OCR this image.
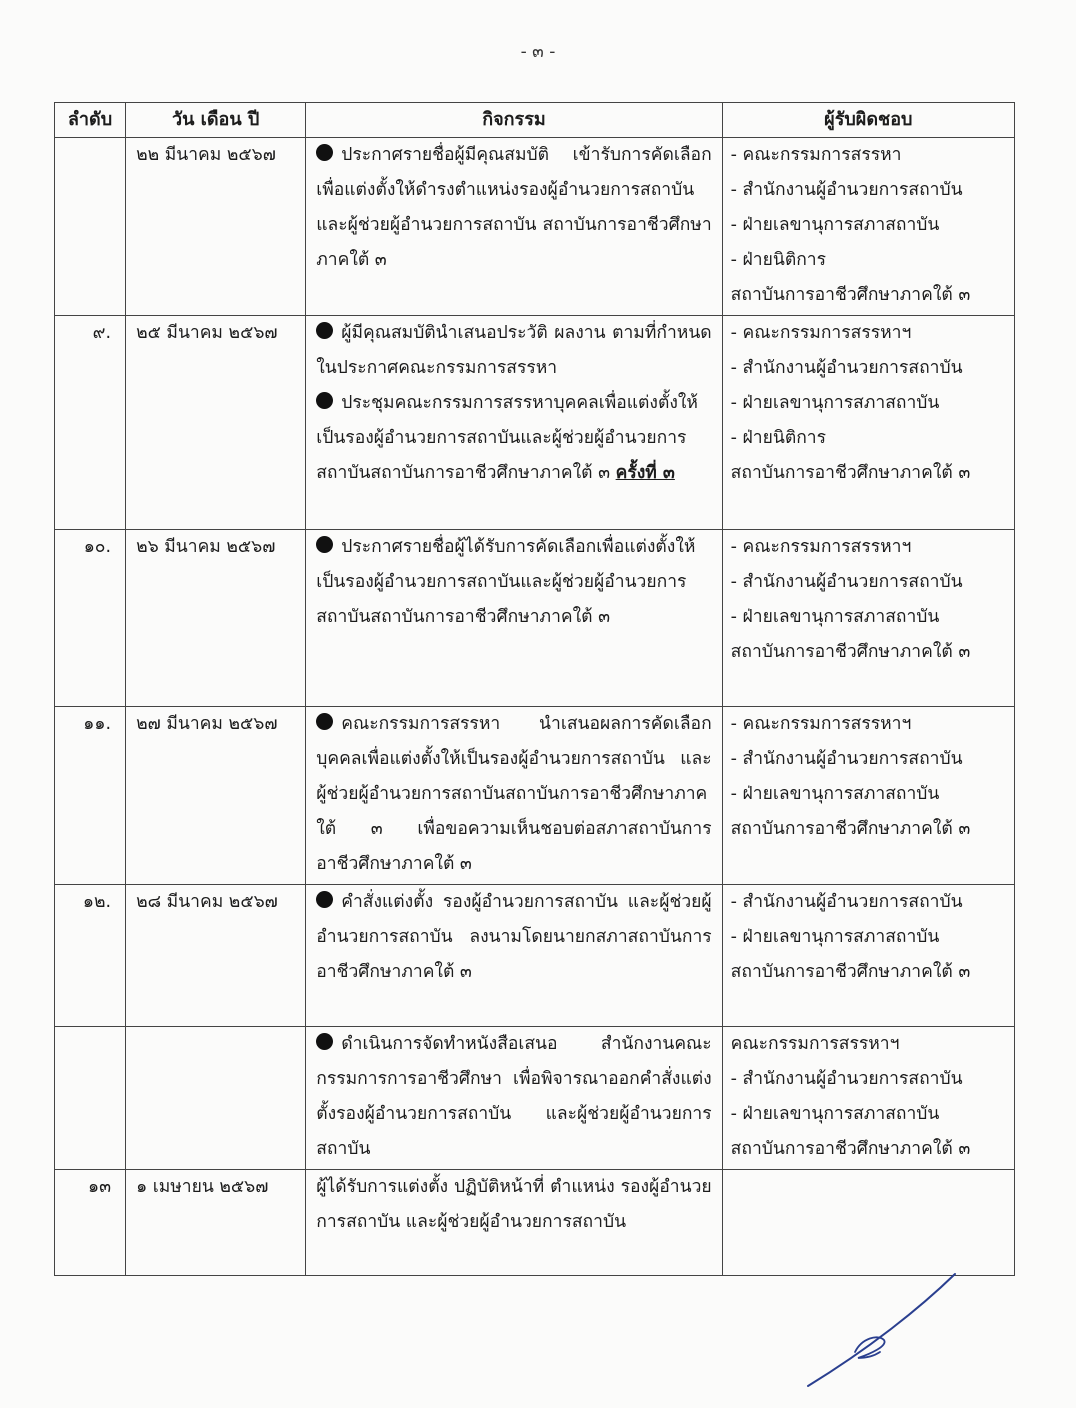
- ๓ -
ลำดับ	วัน เดือน ปี	กิจกรรม	ผู้รับผิดชอบ
	๒๒ มีนาคม ๒๕๖๗	ประกาศรายชื่อผู้มีคุณสมบัติ เข้ารับการคัดเลือกเพื่อแต่งตั้งให้ดำรงตำแหน่งรองผู้อำนวยการสถาบัน และผู้ช่วยผู้อำนวยการสถาบัน สถาบันการอาชีวศึกษาภาคใต้ ๓	- คณะกรรมการสรรหา
- สำนักงานผู้อำนวยการสถาบัน
- ฝ่ายเลขานุการสภาสถาบัน
- ฝ่ายนิติการ
สถาบันการอาชีวศึกษาภาคใต้ ๓

๙.	๒๕ มีนาคม ๒๕๖๗	ผู้มีคุณสมบัตินำเสนอประวัติ ผลงาน ตามที่กำหนดในประกาศคณะกรรมการสรรหา
ประชุมคณะกรรมการสรรหาบุคคลเพื่อแต่งตั้งให้เป็นรองผู้อำนวยการสถาบันและผู้ช่วยผู้อำนวยการสถาบันสถาบันการอาชีวศึกษาภาคใต้ ๓ ครั้งที่ ๓	- คณะกรรมการสรรหาฯ
- สำนักงานผู้อำนวยการสถาบัน
- ฝ่ายเลขานุการสภาสถาบัน
- ฝ่ายนิติการ
สถาบันการอาชีวศึกษาภาคใต้ ๓

๑๐.	๒๖ มีนาคม ๒๕๖๗	ประกาศรายชื่อผู้ได้รับการคัดเลือกเพื่อแต่งตั้งให้เป็นรองผู้อำนวยการสถาบันและผู้ช่วยผู้อำนวยการสถาบันสถาบันการอาชีวศึกษาภาคใต้ ๓	- คณะกรรมการสรรหาฯ
- สำนักงานผู้อำนวยการสถาบัน
- ฝ่ายเลขานุการสภาสถาบัน
สถาบันการอาชีวศึกษาภาคใต้ ๓

๑๑.	๒๗ มีนาคม ๒๕๖๗	คณะกรรมการสรรหา นำเสนอผลการคัดเลือกบุคคลเพื่อแต่งตั้งให้เป็นรองผู้อำนวยการสถาบัน และผู้ช่วยผู้อำนวยการสถาบันสถาบันการอาชีวศึกษาภาคใต้ ๓ เพื่อขอความเห็นชอบต่อสภาสถาบันการอาชีวศึกษาภาคใต้ ๓	- คณะกรรมการสรรหาฯ
- สำนักงานผู้อำนวยการสถาบัน
- ฝ่ายเลขานุการสภาสถาบัน
สถาบันการอาชีวศึกษาภาคใต้ ๓

๑๒.	๒๘ มีนาคม ๒๕๖๗	คำสั่งแต่งตั้ง รองผู้อำนวยการสถาบัน และผู้ช่วยผู้อำนวยการสถาบัน ลงนามโดยนายกสภาสถาบันการอาชีวศึกษาภาคใต้ ๓	- สำนักงานผู้อำนวยการสถาบัน
- ฝ่ายเลขานุการสภาสถาบัน
สถาบันการอาชีวศึกษาภาคใต้ ๓

		ดำเนินการจัดทำหนังสือเสนอ สำนักงานคณะกรรมการการอาชีวศึกษา เพื่อพิจารณาออกคำสั่งแต่งตั้งรองผู้อำนวยการสถาบัน และผู้ช่วยผู้อำนวยการสถาบัน	คณะกรรมการสรรหาฯ
- สำนักงานผู้อำนวยการสถาบัน
- ฝ่ายเลขานุการสภาสถาบัน
สถาบันการอาชีวศึกษาภาคใต้ ๓

๑๓	๑ เมษายน ๒๕๖๗	ผู้ได้รับการแต่งตั้ง ปฏิบัติหน้าที่ ตำแหน่ง รองผู้อำนวยการสถาบัน และผู้ช่วยผู้อำนวยการสถาบัน	
